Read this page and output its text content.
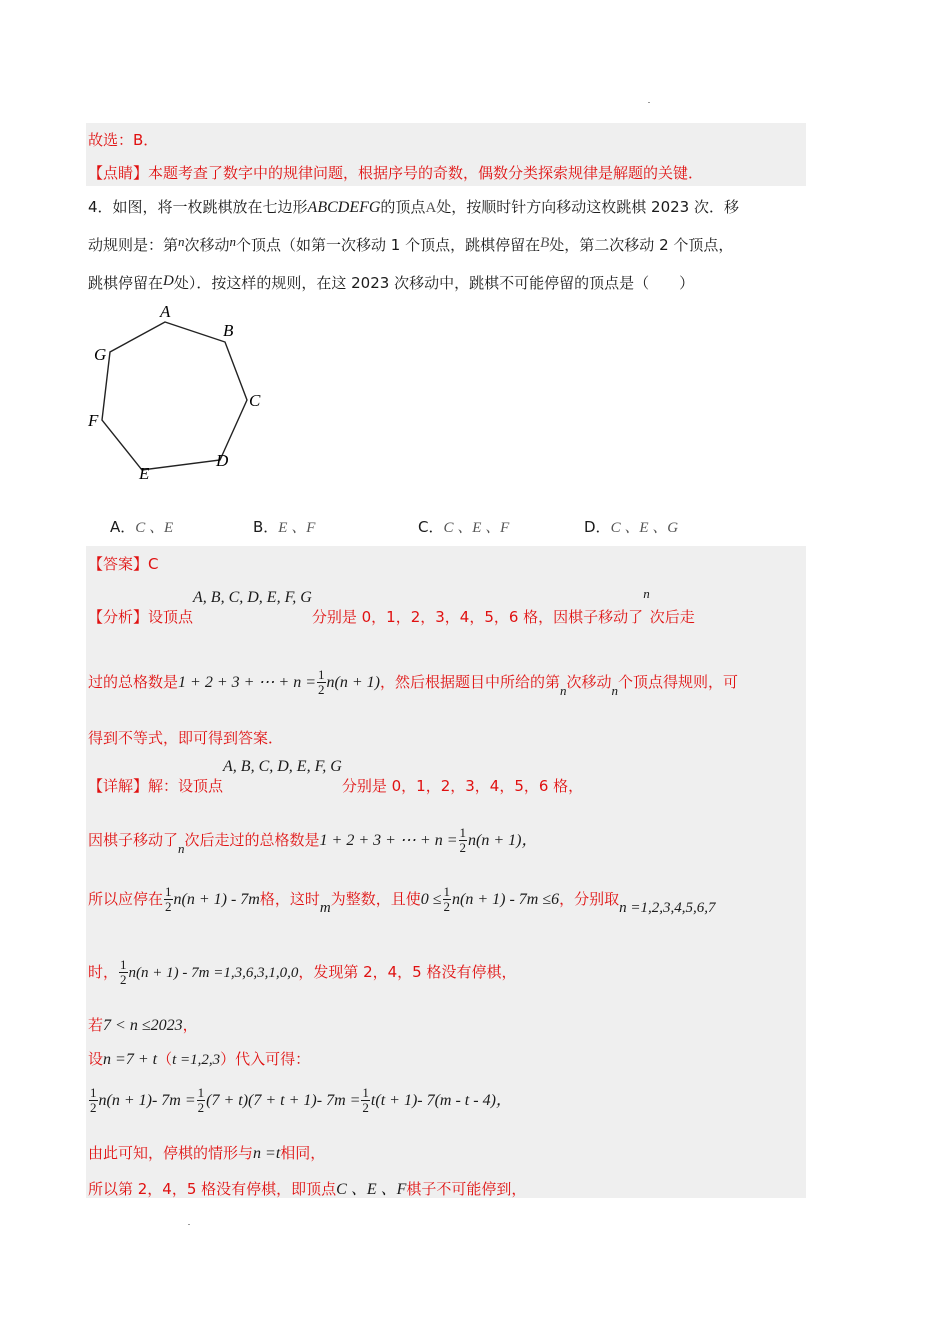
故选：B．
【点睛】本题考查了数字中的规律问题，根据序号的奇数，偶数分类探索规律是解题的关键．
4．如图，将一枚跳棋放在七边形ABCDEFG的顶点A处，按顺时针方向移动这枚跳棋 2023 次．移
动规则是：第n次移动n个顶点（如第一次移动 1 个顶点，跳棋停留在B处，第二次移动 2 个顶点，
跳棋停留在D处）．按这样的规则，在这 2023 次移动中，跳棋不可能停留的顶点是（　　）
A
B
C
D
E
F
G
A．C 、E	B．E 、F	C．C 、E 、F	D．C 、E 、G
【答案】C
【分析】设顶点A, B, C, D, E, F, G分别是 0，1，2，3，4，5，6 格，因棋子移动了n次后走
过的总格数是1 + 2 + 3 + ⋯ + $n = \frac{1}{2} n(n + 1)$，然后根据题目中所给的第n次移动n个顶点得规则，可
得到不等式，即可得到答案．
【详解】解：设顶点A, B, C, D, E, F, G分别是 0，1，2，3，4，5，6 格，
因棋子移动了n次后走过的总格数是1 + 2 + 3 + ⋯ + $n = \frac{1}{2} n(n + 1)$，
所以应停在 $\frac{1}{2} n(n + 1) - 7m$格，这时m为整数，且使$0 \le \frac{1}{2} n(n + 1) - 7m \le 6$，分别取n =1,2,3,4,5,6,7
时， $\frac{1}{2} n(n + 1) - 7m =1,3,6,3,1,0,0$，发现第 2，4，5 格没有停棋，
若7 < n ≤2023，
设n =7 + t（t =1,2,3）代入可得：
$\frac{1}{2} n(n + 1)-$ $7m = \frac{1}{2} (7 + t)(7 + t + 1)-$ $7m = \frac{1}{2} t(t + 1)-$ 7(m - t - 4)，
由此可知，停棋的情形与n =t相同，
所以第 2，4，5 格没有停棋，即顶点C 、E 、F棋子不可能停到，
